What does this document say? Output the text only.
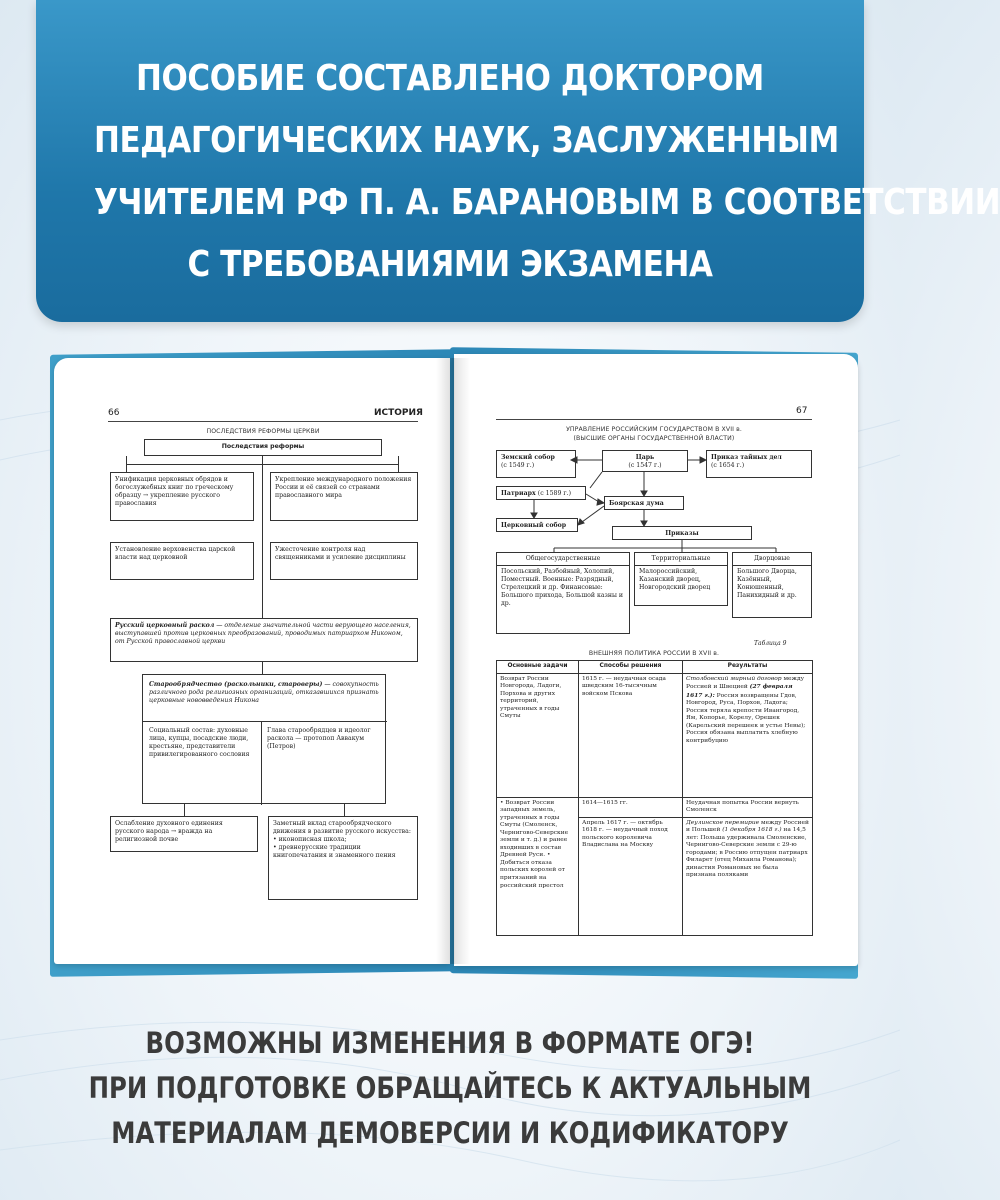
ПОСОБИЕ СОСТАВЛЕНО ДОКТОРОМ
ПЕДАГОГИЧЕСКИХ НАУК, ЗАСЛУЖЕННЫМ
УЧИТЕЛЕМ РФ П. А. БАРАНОВЫМ В СООТВЕТСТВИИ
С ТРЕБОВАНИЯМИ ЭКЗАМЕНА
66	ИСТОРИЯ
ПОСЛЕДСТВИЯ РЕФОРМЫ ЦЕРКВИ
Последствия реформы
Унификация церковных обрядов и богослужебных книг по греческому образцу → укрепление русского православия
Укрепление международного положения России и её связей со странами православного мира
Установление верховенства царской власти над церковной
Ужесточение контроля над священниками и усиление дисциплины
Русский церковный раскол — отделение значительной части верующего населения, выступавшей против церковных преобразований, проводимых патриархом Никоном, от Русской православной церкви
Старообрядчество (раскольники, староверы) — совокупность различного рода религиозных организаций, отказавшихся признать церковные нововведения Никона
Социальный состав: духовные лица, купцы, посадские люди, крестьяне, представители привилегированного сословия
Глава старообрядцев и идеолог раскола — протопоп Аввакум (Петров)
Ослабление духовного единения русского народа → вражда на религиозной почве
Заметный вклад старообрядческого движения в развитие русского искусства:
• иконописная школа;
• древнерусские традиции книгопечатания и знаменного пения
67
УПРАВЛЕНИЕ РОССИЙСКИМ ГОСУДАРСТВОМ В XVII в.
(ВЫСШИЕ ОРГАНЫ ГОСУДАРСТВЕННОЙ ВЛАСТИ)
Земский собор
(с 1549 г.)
Царь
(с 1547 г.)
Приказ тайных дел
(с 1654 г.)
Патриарх (с 1589 г.)
Боярская дума
Церковный собор
Приказы
Общегосударственные
Посольский, Разбойный, Холопий, Поместный. Военные: Разрядный, Стрелецкий и др. Финансовые: Большого прихода, Большой казны и др.
Территориальные
Малороссийский, Казанский дворец, Новгородский дворец
Дворцовые
Большого Дворца, Казённый, Конюшенный, Панихидный и др.
Таблица 9
ВНЕШНЯЯ ПОЛИТИКА РОССИИ В XVII в.
Основные задачи	Способы решения	Результаты
Возврат России Новгорода, Ладоги, Порхова и других территорий, утраченных в годы Смуты	1615 г. — неудачная осада шведским 16-тысячным войском Пскова	Столбовский мирный договор между Россией и Швецией (27 февраля 1617 г.): Россия возвращены Гдов, Новгород, Руса, Порхов, Ладога; Россия теряла крепости Ивангород, Ям, Копорье, Корелу, Орешек (Карельский перешеек и устье Невы); Россия обязана выплатить хлебную контрибуцию
• Возврат России западных земель, утраченных в годы Смуты (Смоленск, Чернигово-Северские земли и т. д.) и ранее входивших в состав Древней Руси. • Добиться отказа польских королей от притязаний на российский престол	1614—1615 гг.	Неудачная попытка России вернуть Смоленск
	Апрель 1617 г. — октябрь 1618 г. — неудачный поход польского королевича Владислава на Москву	Деулинское перемирие между Россией и Польшей (1 декабря 1618 г.) на 14,5 лет: Польша удерживала Смоленские, Чернигово-Северские земли с 29-ю городами; в Россию отпущен патриарх Филарет (отец Михаила Романова); династия Романовых не была признана поляками
ВОЗМОЖНЫ ИЗМЕНЕНИЯ В ФОРМАТЕ ОГЭ!
ПРИ ПОДГОТОВКЕ ОБРАЩАЙТЕСЬ К АКТУАЛЬНЫМ
МАТЕРИАЛАМ ДЕМОВЕРСИИ И КОДИФИКАТОРУ
